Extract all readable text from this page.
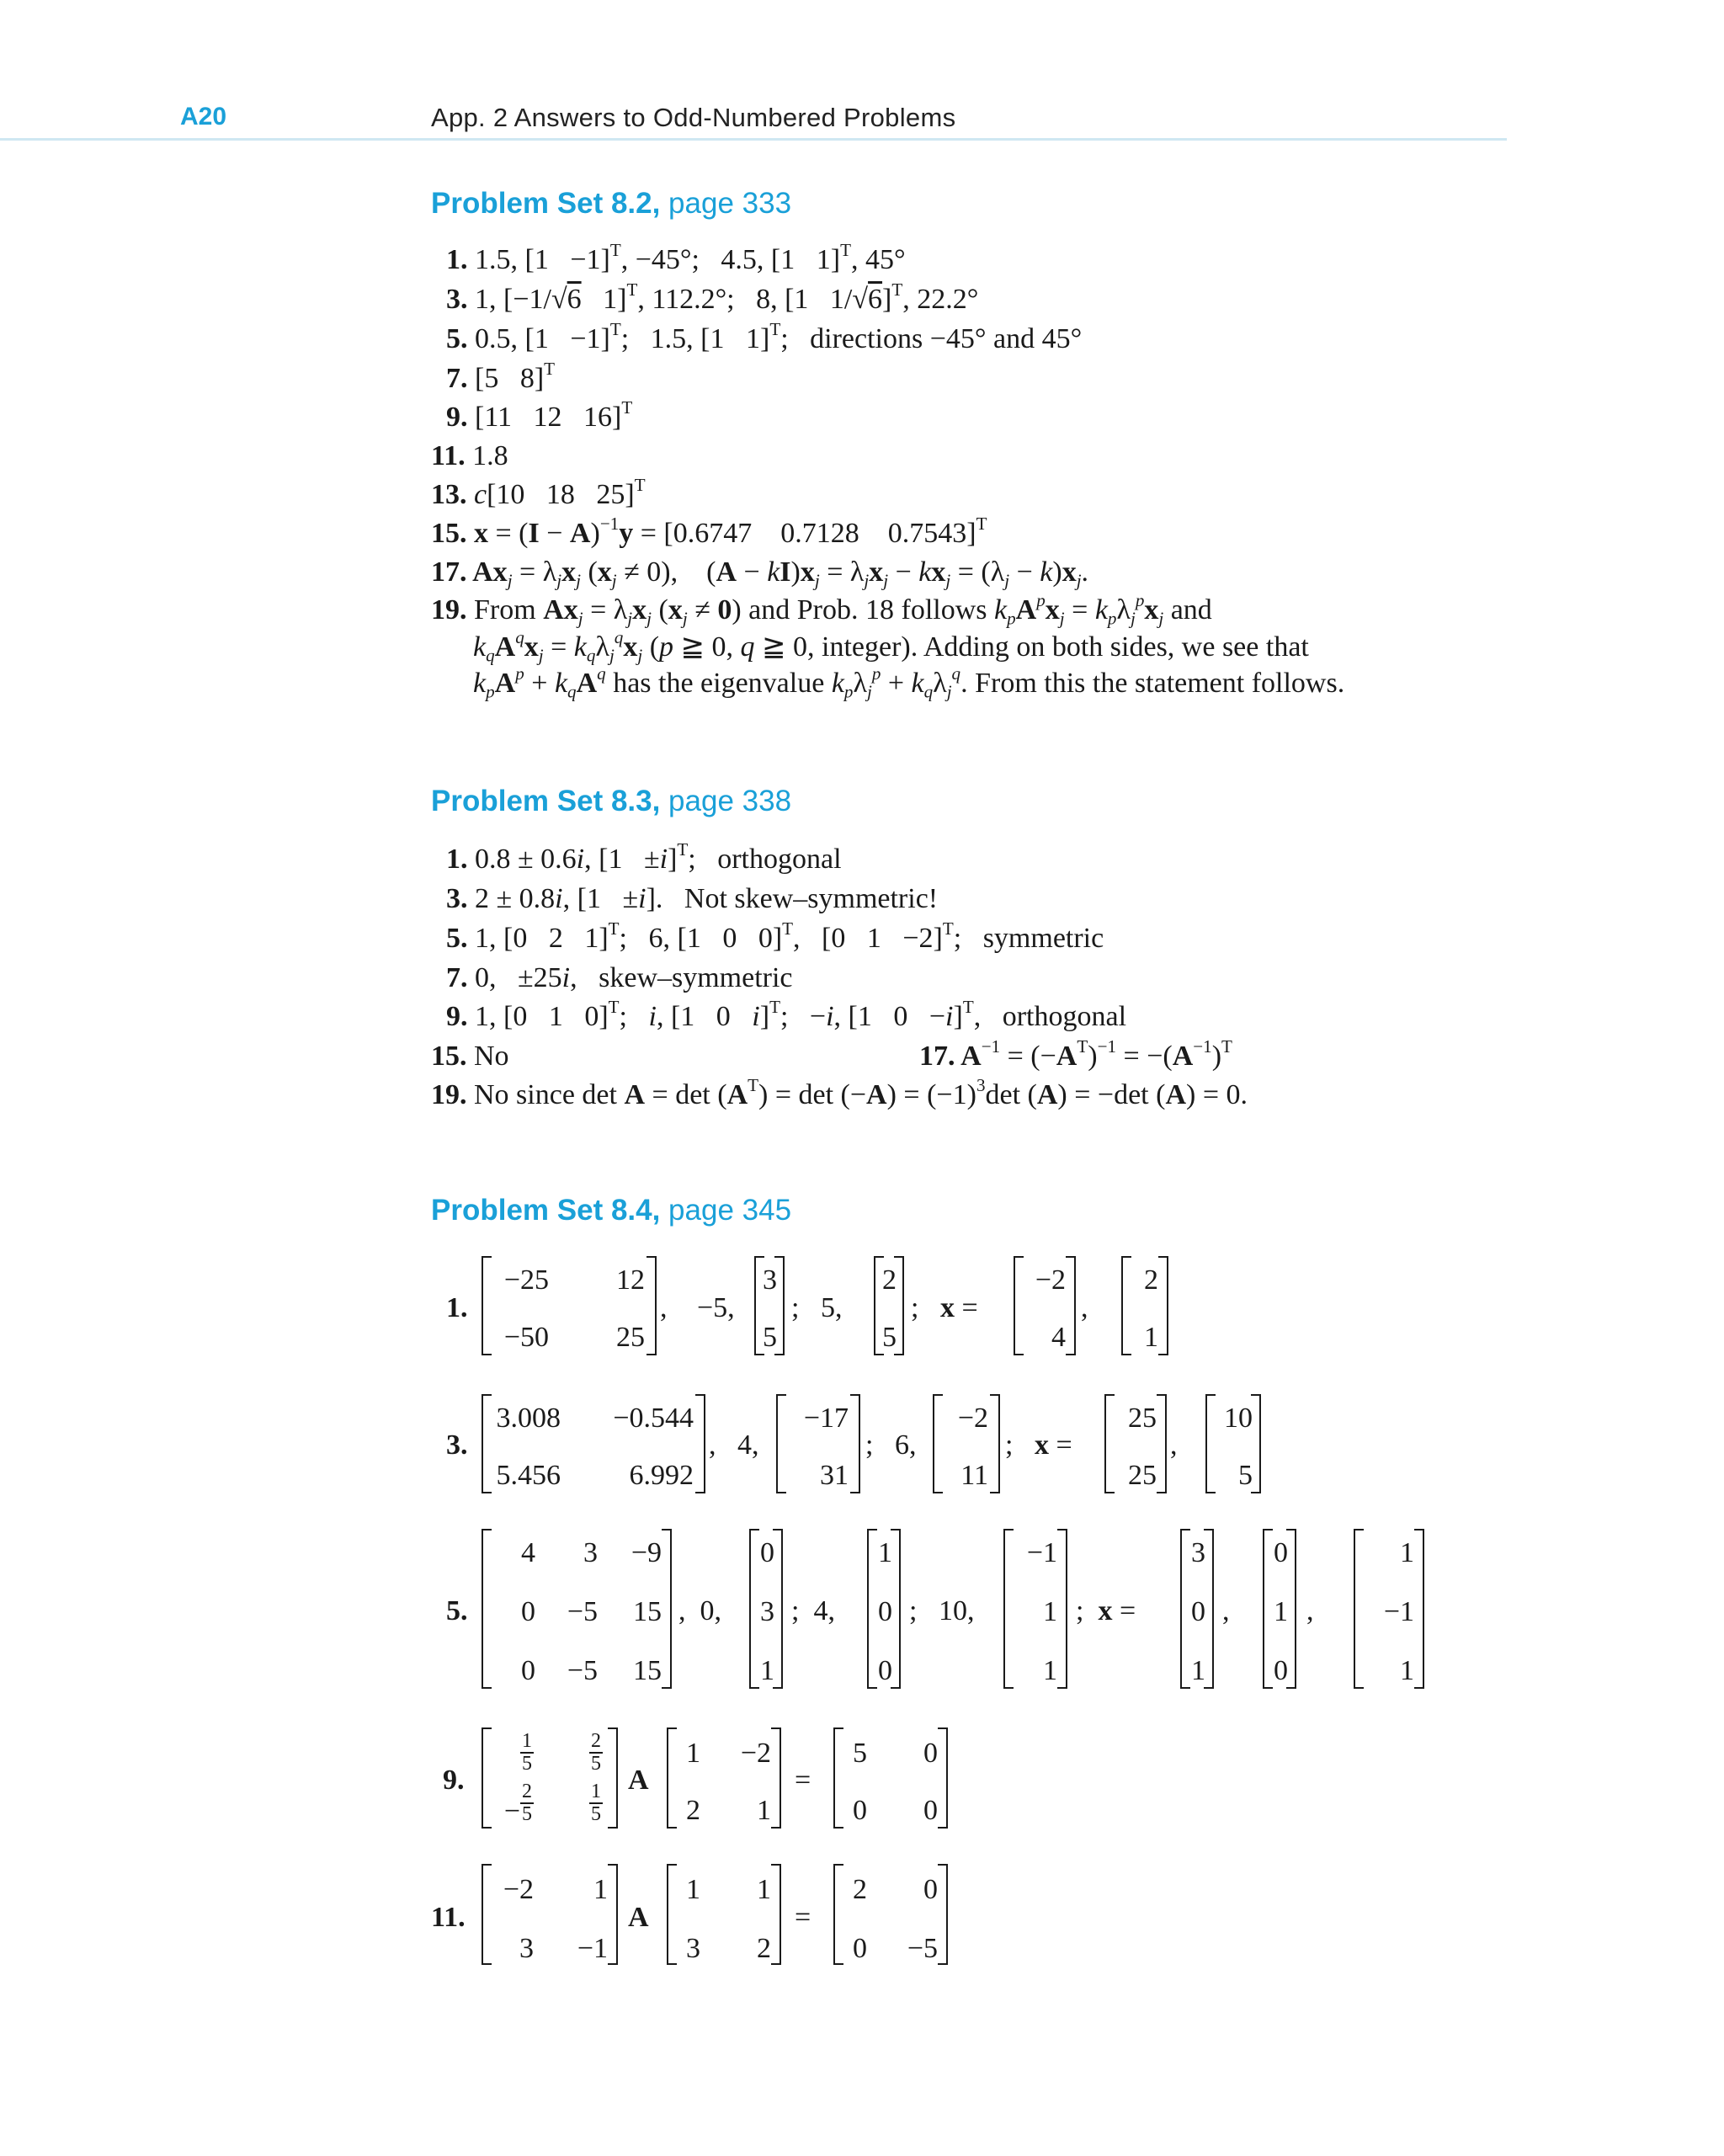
A20	App. 2 Answers to Odd-Numbered Problems
Problem Set 8.2, page 333
1. 1.5, $[1 -1]^T$, −45°;   4.5, [1   1]$^T$, 45°
3. 1, [−1/√6   1]$^T$, 112.2°;   8, [1   1/√6]$^T$, 22.2°
5. 0.5, $[1 -1]^T$;   1.5, [1   1]$^T$;   directions −45° and 45°
7. [5   8]$^T$
9. [11   12   16]$^T$
11. 1.8
13. c[10   18   25]$^T$
15. $x = (I - A)^{-1}y = [0.6747$    0.7128    0.7543]$^T$
17. $Ax_j = \lambda_jx_j$ $(x_j \ne 0)$,    $(A - kI)x_j = \lambda_jx_j - kx_j = (\lambda_j - k)x_j$.
19. From $Ax_j = \lambda_jx_j$ $(x_j \ne 0)$ and Prob. 18 follows $k_pA^px_j = k_p\lambda_j^px_j$ and
$k_qA^qx_j = k_q\lambda_j^qx_j$ (p ≧ 0, q ≧ 0, integer). Adding on both sides, we see that
$k_pA^p + k_qA^q$ has the eigenvalue $k_p\lambda_j^p + k_q\lambda_j^q$. From this the statement follows.
Problem Set 8.3, page 338
1. 0.8 ± 0.6i, $[1 \pm i]^T$;   orthogonal
3. 2 ± 0.8i, [1   ±i].   Not skew–symmetric!
5. 1, [0   2   1]$^T$;   6, [1   0   0]$^T$,   [0   1   −2]$^T$;   symmetric
7. 0,   ±25i,   skew–symmetric
9. 1, [0   1   0]$^T$;   i, [1   0   i]$^T$;   −i, [1   0   −i]$^T$,   orthogonal
15. No	17. $A^{-1} = (-A^T)^{-1} = -(A^{-1})^T$
19. No since $\det A = \det (A^T) = \det (-A) = (-1)^3\det$ (A) = −det (A) = 0.
Problem Set 8.4, page 345
1.
−25 12
−50 25
, −5,
3
5
;   5,
2
5
;   x =
−2
4
,
2
1
3.
3.008 −0.544
5.456 6.992
,   4,
−17
31
;   6,
−2
11
;   x =
25
25
,
10
5
5.
4 3 −9
0 −5 15
0 −5 15
,  0,
0
3
1
;  4,
1
0
0
;   10,
−1
1
1
;  x =
3
0
1
,
0
1
0
,
1
−1
1
9.
$\frac{1}{5}$	$\frac{2}{5}$
− $\frac{2}{5}$	$\frac{1}{5}$
A
1 −2
2 1
=
5 0
0 0
11.
−2 1
3 −1
A
1 1
3 2
=
2 0
0 −5
